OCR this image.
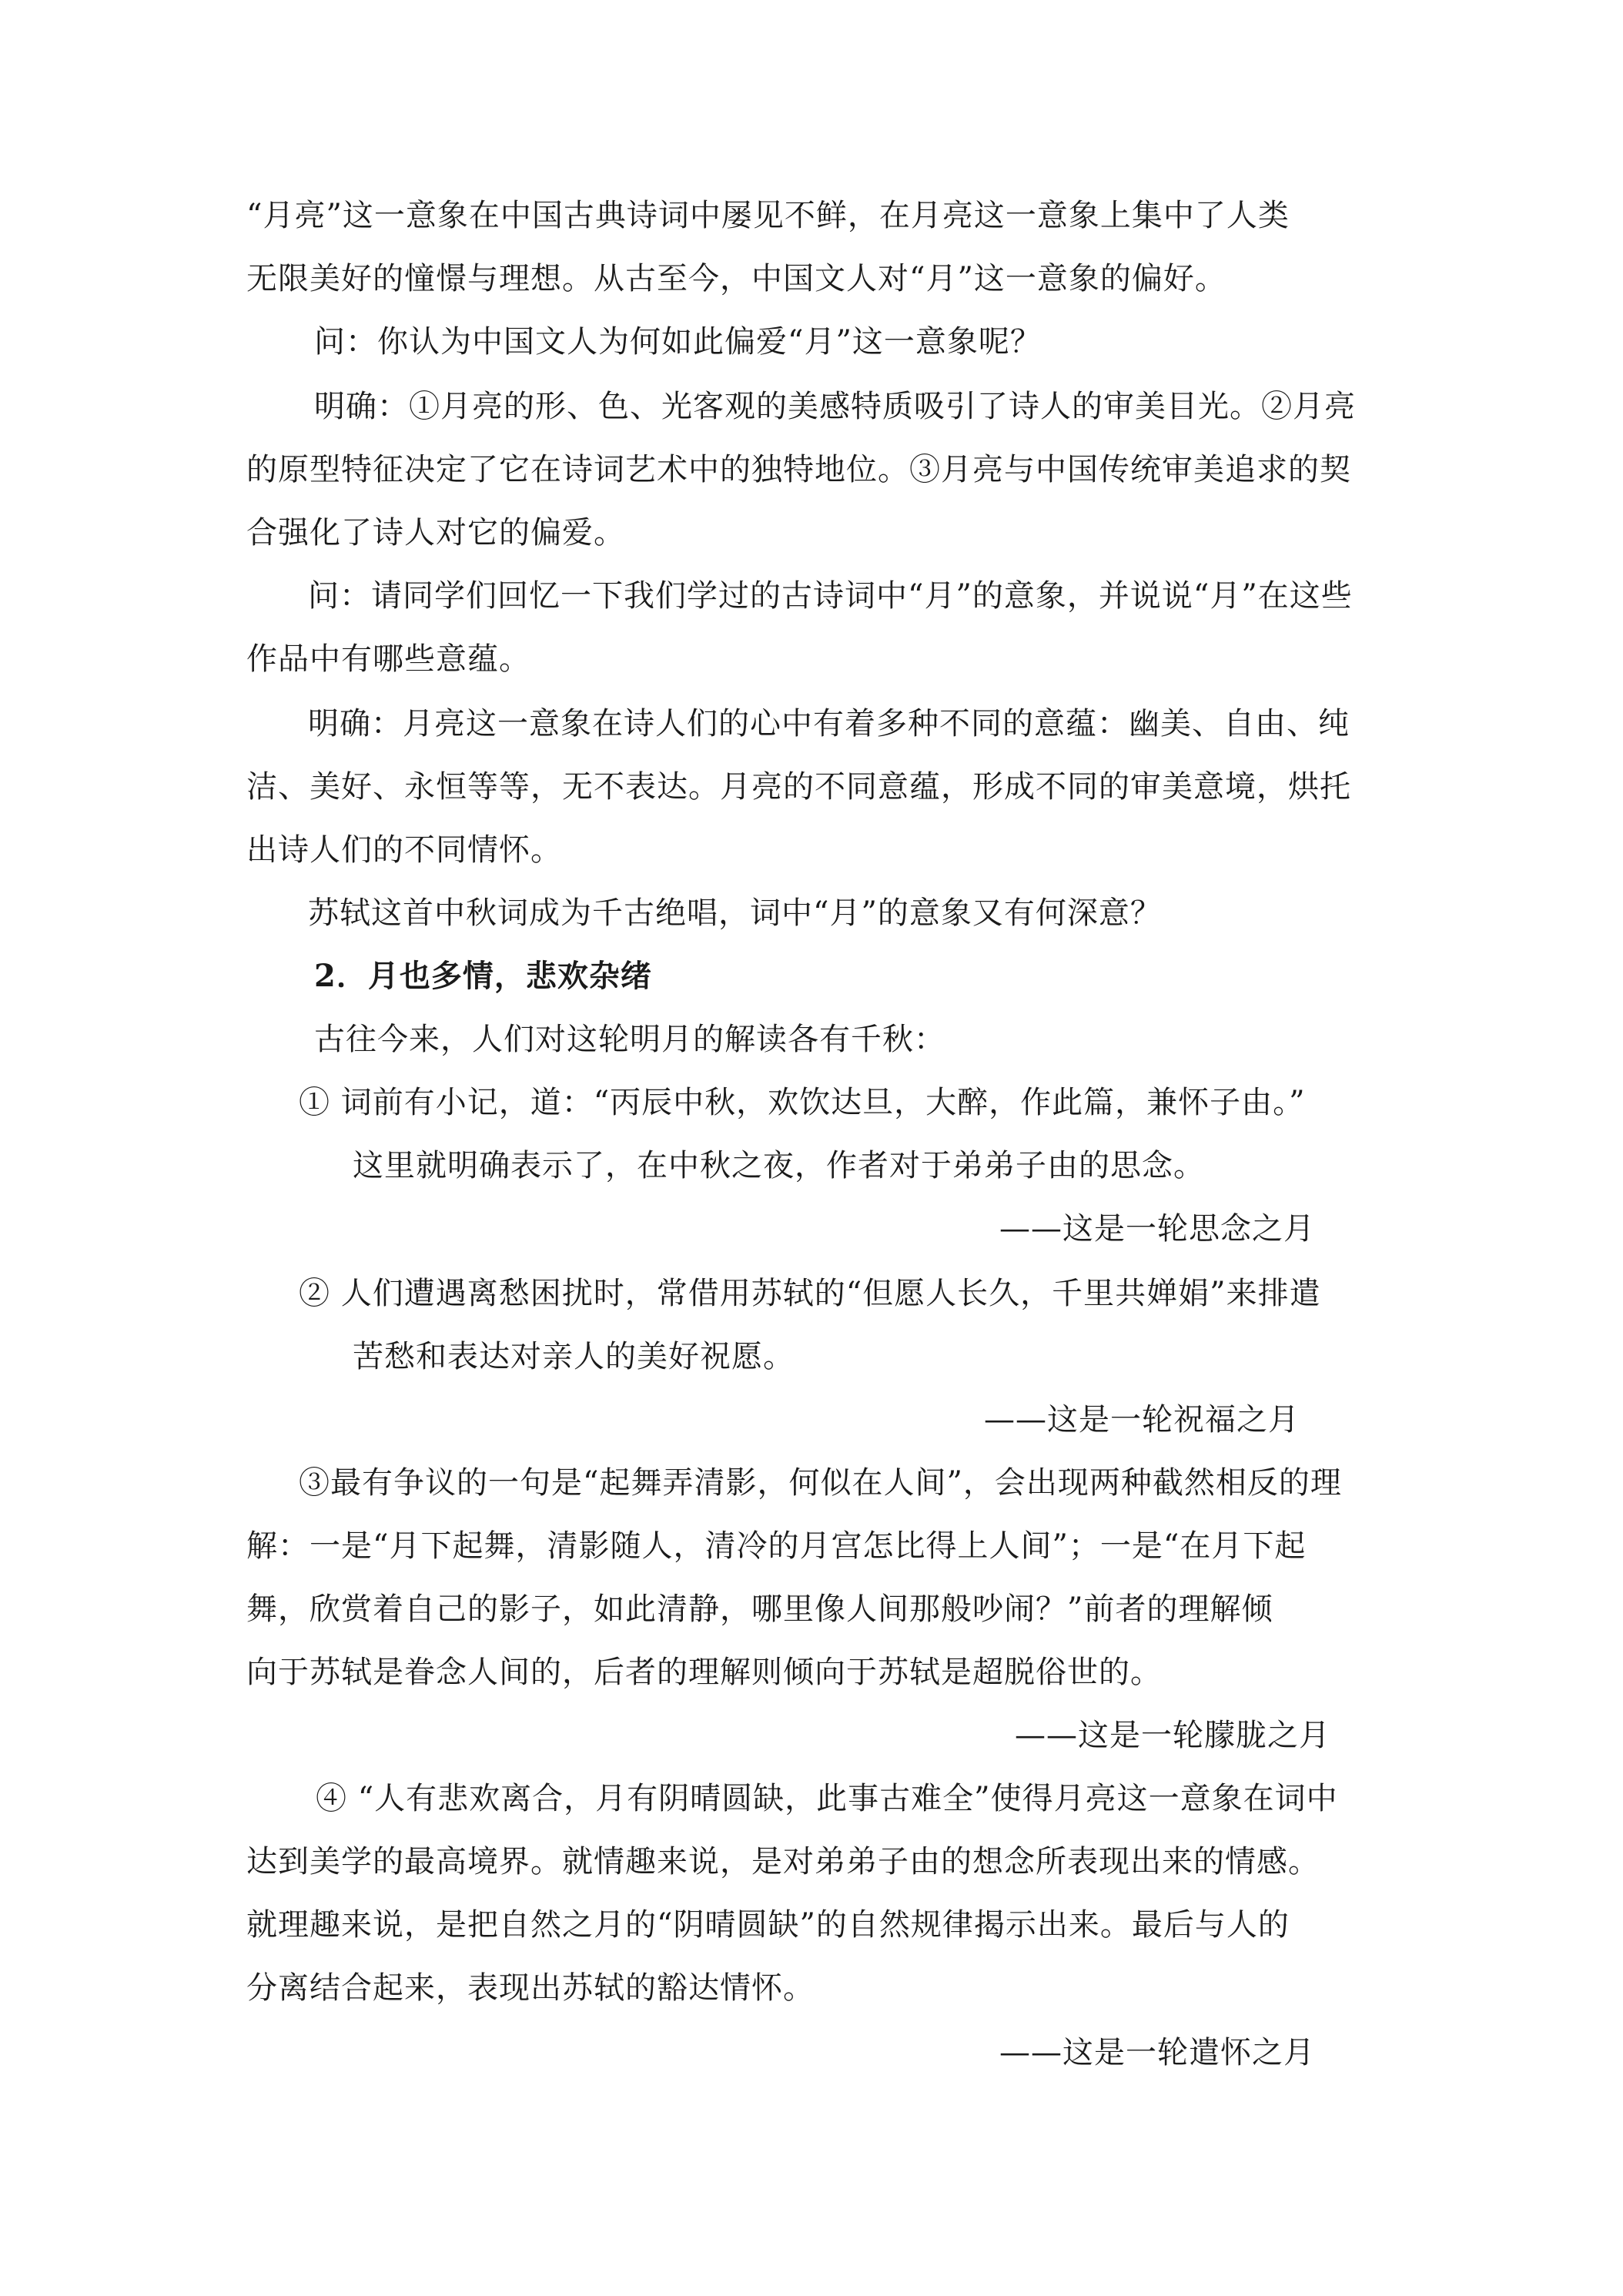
“月亮”这一意象在中国古典诗词中屡见不鲜，在月亮这一意象上集中了人类
无限美好的憧憬与理想。从古至今，中国文人对“月”这一意象的偏好。
问：你认为中国文人为何如此偏爱“月”这一意象呢？
明确：①月亮的形、色、光客观的美感特质吸引了诗人的审美目光。②月亮
的原型特征决定了它在诗词艺术中的独特地位。③月亮与中国传统审美追求的契
合强化了诗人对它的偏爱。
问：请同学们回忆一下我们学过的古诗词中“月”的意象，并说说“月”在这些
作品中有哪些意蕴。
明确：月亮这一意象在诗人们的心中有着多种不同的意蕴：幽美、自由、纯
洁、美好、永恒等等，无不表达。月亮的不同意蕴，形成不同的审美意境，烘托
出诗人们的不同情怀。
苏轼这首中秋词成为千古绝唱，词中“月”的意象又有何深意？
2．月也多情，悲欢杂绪
古往今来，人们对这轮明月的解读各有千秋：
① 词前有小记，道：“丙辰中秋，欢饮达旦，大醉，作此篇，兼怀子由。”
这里就明确表示了，在中秋之夜，作者对于弟弟子由的思念。
——这是一轮思念之月
② 人们遭遇离愁困扰时，常借用苏轼的“但愿人长久，千里共婵娟”来排遣
苦愁和表达对亲人的美好祝愿。
——这是一轮祝福之月
③最有争议的一句是“起舞弄清影，何似在人间”，会出现两种截然相反的理
解：一是“月下起舞，清影随人，清冷的月宫怎比得上人间”；一是“在月下起
舞，欣赏着自己的影子，如此清静，哪里像人间那般吵闹？”前者的理解倾
向于苏轼是眷念人间的，后者的理解则倾向于苏轼是超脱俗世的。
——这是一轮朦胧之月
④ “人有悲欢离合，月有阴晴圆缺，此事古难全”使得月亮这一意象在词中
达到美学的最高境界。就情趣来说，是对弟弟子由的想念所表现出来的情感。
就理趣来说，是把自然之月的“阴晴圆缺”的自然规律揭示出来。最后与人的
分离结合起来，表现出苏轼的豁达情怀。
——这是一轮遣怀之月
